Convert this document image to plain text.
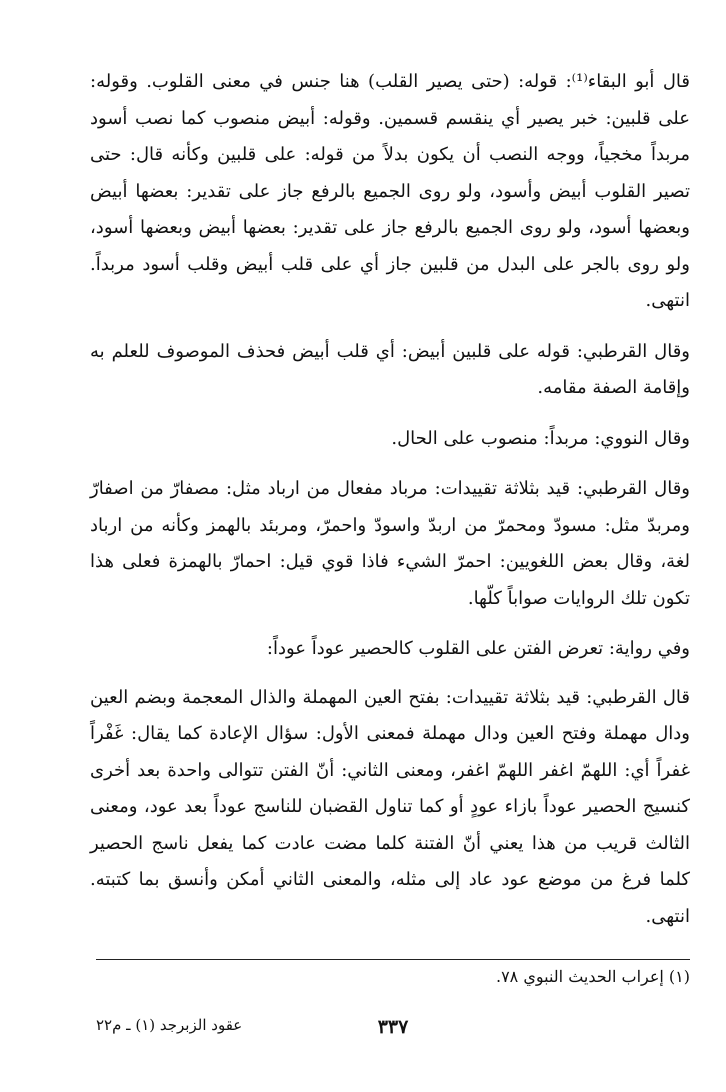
قال أبو البقاء⁽¹⁾: قوله: (حتى يصير القلب) هنا جنس في معنى القلوب. وقوله: على قلبين: خبر يصير أي ينقسم قسمين. وقوله: أبيض منصوب كما نصب أسود مربداً مخجياً، ووجه النصب أن يكون بدلاً من قوله: على قلبين وكأنه قال: حتى تصير القلوب أبيض وأسود، ولو روى الجميع بالرفع جاز على تقدير: بعضها أبيض وبعضها أسود، ولو روى الجميع بالرفع جاز على تقدير: بعضها أبيض وبعضها أسود، ولو روى بالجر على البدل من قلبين جاز أي على قلب أبيض وقلب أسود مربداً. انتهى.

وقال القرطبي: قوله على قلبين أبيض: أي قلب أبيض فحذف الموصوف للعلم به وإقامة الصفة مقامه.

وقال النووي: مربداً: منصوب على الحال.

وقال القرطبي: قيد بثلاثة تقييدات: مرباد مفعال من ارباد مثل: مصفارّ من اصفارّ ومربدّ مثل: مسودّ ومحمرّ من اربدّ واسودّ واحمرّ، ومربئد بالهمز وكأنه من ارباد لغة، وقال بعض اللغويين: احمرّ الشيء فاذا قوي قيل: احمارّ بالهمزة فعلى هذا تكون تلك الروايات صواباً كلّها.

وفي رواية: تعرض الفتن على القلوب كالحصير عوداً عوداً:

قال القرطبي: قيد بثلاثة تقييدات: بفتح العين المهملة والذال المعجمة وبضم العين ودال مهملة وفتح العين ودال مهملة فمعنى الأول: سؤال الإعادة كما يقال: غَفْراً غفراً أي: اللهمّ اغفر اللهمّ اغفر، ومعنى الثاني: أنّ الفتن تتوالى واحدة بعد أخرى كنسيج الحصير عوداً بازاء عودٍ أو كما تناول القضبان للناسج عوداً بعد عود، ومعنى الثالث قريب من هذا يعني أنّ الفتنة كلما مضت عادت كما يفعل ناسج الحصير كلما فرغ من موضع عود عاد إلى مثله، والمعنى الثاني أمكن وأنسق بما كتبته. انتهى.

(١) إعراب الحديث النبوي ٧٨.
٣٣٧
عقود الزبرجد (١) ـ م٢٢
